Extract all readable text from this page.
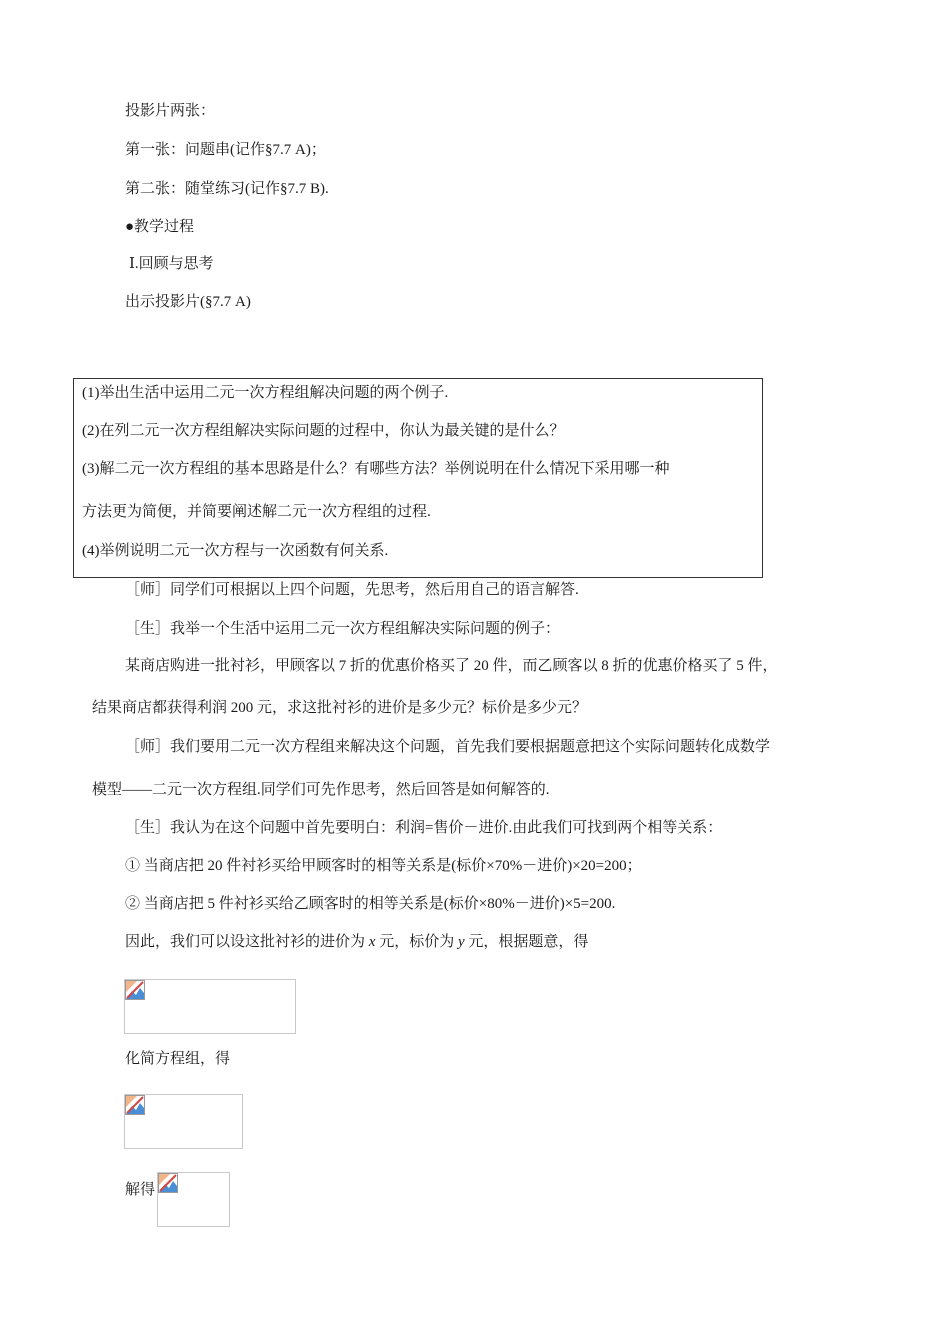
投影片两张：
第一张：问题串(记作§7.7 A)；
第二张：随堂练习(记作§7.7 B).
●教学过程
Ⅰ.回顾与思考
出示投影片(§7.7 A)
(1)举出生活中运用二元一次方程组解决问题的两个例子.
(2)在列二元一次方程组解决实际问题的过程中，你认为最关键的是什么？
(3)解二元一次方程组的基本思路是什么？有哪些方法？举例说明在什么情况下采用哪一种
方法更为简便，并简要阐述解二元一次方程组的过程.
(4)举例说明二元一次方程与一次函数有何关系.
［师］同学们可根据以上四个问题，先思考，然后用自己的语言解答.
［生］我举一个生活中运用二元一次方程组解决实际问题的例子：
某商店购进一批衬衫，甲顾客以 7 折的优惠价格买了 20 件，而乙顾客以 8 折的优惠价格买了 5 件，
结果商店都获得利润 200 元，求这批衬衫的进价是多少元？标价是多少元？
［师］我们要用二元一次方程组来解决这个问题，首先我们要根据题意把这个实际问题转化成数学
模型——二元一次方程组.同学们可先作思考，然后回答是如何解答的.
［生］我认为在这个问题中首先要明白：利润=售价－进价.由此我们可找到两个相等关系：
① 当商店把 20 件衬衫买给甲顾客时的相等关系是(标价×70%－进价)×20=200；
② 当商店把 5 件衬衫买给乙顾客时的相等关系是(标价×80%－进价)×5=200.
因此，我们可以设这批衬衫的进价为 x 元，标价为 y 元，根据题意，得
化简方程组，得
解得
